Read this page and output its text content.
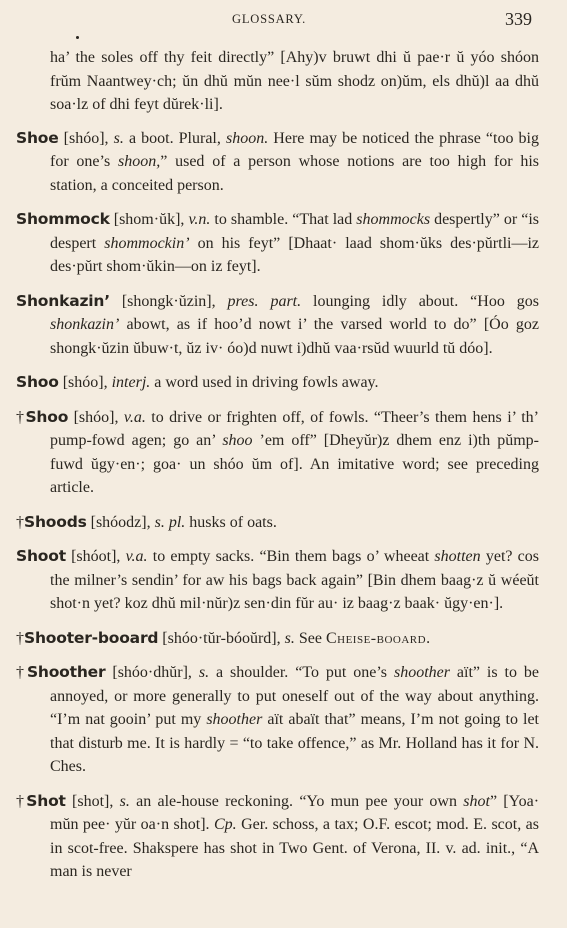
GLOSSARY.	339

ha’ the soles off thy feit directly” [Ahy)v bruwt dhi ŭ pae·r ŭ yóo shóon frŭm Naantwey·ch; ŭn dhŭ mŭn nee·l sŭm shodz on)ŭm, els dhŭ)l aa dhŭ soa·lz of dhi feyt dŭrek·li].

Shoe [shóo], s. a boot. Plural, shoon. Here may be noticed the phrase “too big for one’s shoon,” used of a person whose notions are too high for his station, a conceited person.

Shommock [shom·ŭk], v.n. to shamble. “That lad shommocks despertly” or “is despert shommockin’ on his feyt” [Dhaat· laad shom·ŭks des·pŭrtli—iz des·pŭrt shom·ŭkin—on iz feyt].

Shonkazin’ [shongk·ŭzin], pres. part. lounging idly about. “Hoo gos shonkazin’ abowt, as if hoo’d nowt i’ the varsed world to do” [Óo goz shongk·ŭzin ŭbuw·t, ŭz iv· óo)d nuwt i)dhŭ vaa·rsŭd wuurld tŭ dóo].

Shoo [shóo], interj. a word used in driving fowls away.

†Shoo [shóo], v.a. to drive or frighten off, of fowls. “Theer’s them hens i’ th’ pump-fowd agen; go an’ shoo ’em off” [Dheyŭr)z dhem enz i)th pŭmp-fuwd ŭgy·en·; goa· un shóo ŭm of]. An imitative word; see preceding article.

†Shoods [shóodz], s. pl. husks of oats.

Shoot [shóot], v.a. to empty sacks. “Bin them bags o’ wheeat shotten yet? cos the milner’s sendin’ for aw his bags back again” [Bin dhem baag·z ŭ wéeŭt shot·n yet? koz dhŭ mil·nŭr)z sen·din fŭr au· iz baag·z baak· ŭgy·en·].

†Shooter-booard [shóo·tŭr-bóoŭrd], s. See Cheise-booard.

†Shoother [shóo·dhŭr], s. a shoulder. “To put one’s shoother aït” is to be annoyed, or more generally to put oneself out of the way about anything. “I’m nat gooin’ put my shoother aït abaït that” means, I’m not going to let that disturb me. It is hardly = “to take offence,” as Mr. Holland has it for N. Ches.

†Shot [shot], s. an ale-house reckoning. “Yo mun pee your own shot” [Yoa· mŭn pee· yŭr oa·n shot]. Cp. Ger. schoss, a tax; O.F. escot; mod. E. scot, as in scot-free. Shakspere has shot in Two Gent. of Verona, II. v. ad. init., “A man is never
